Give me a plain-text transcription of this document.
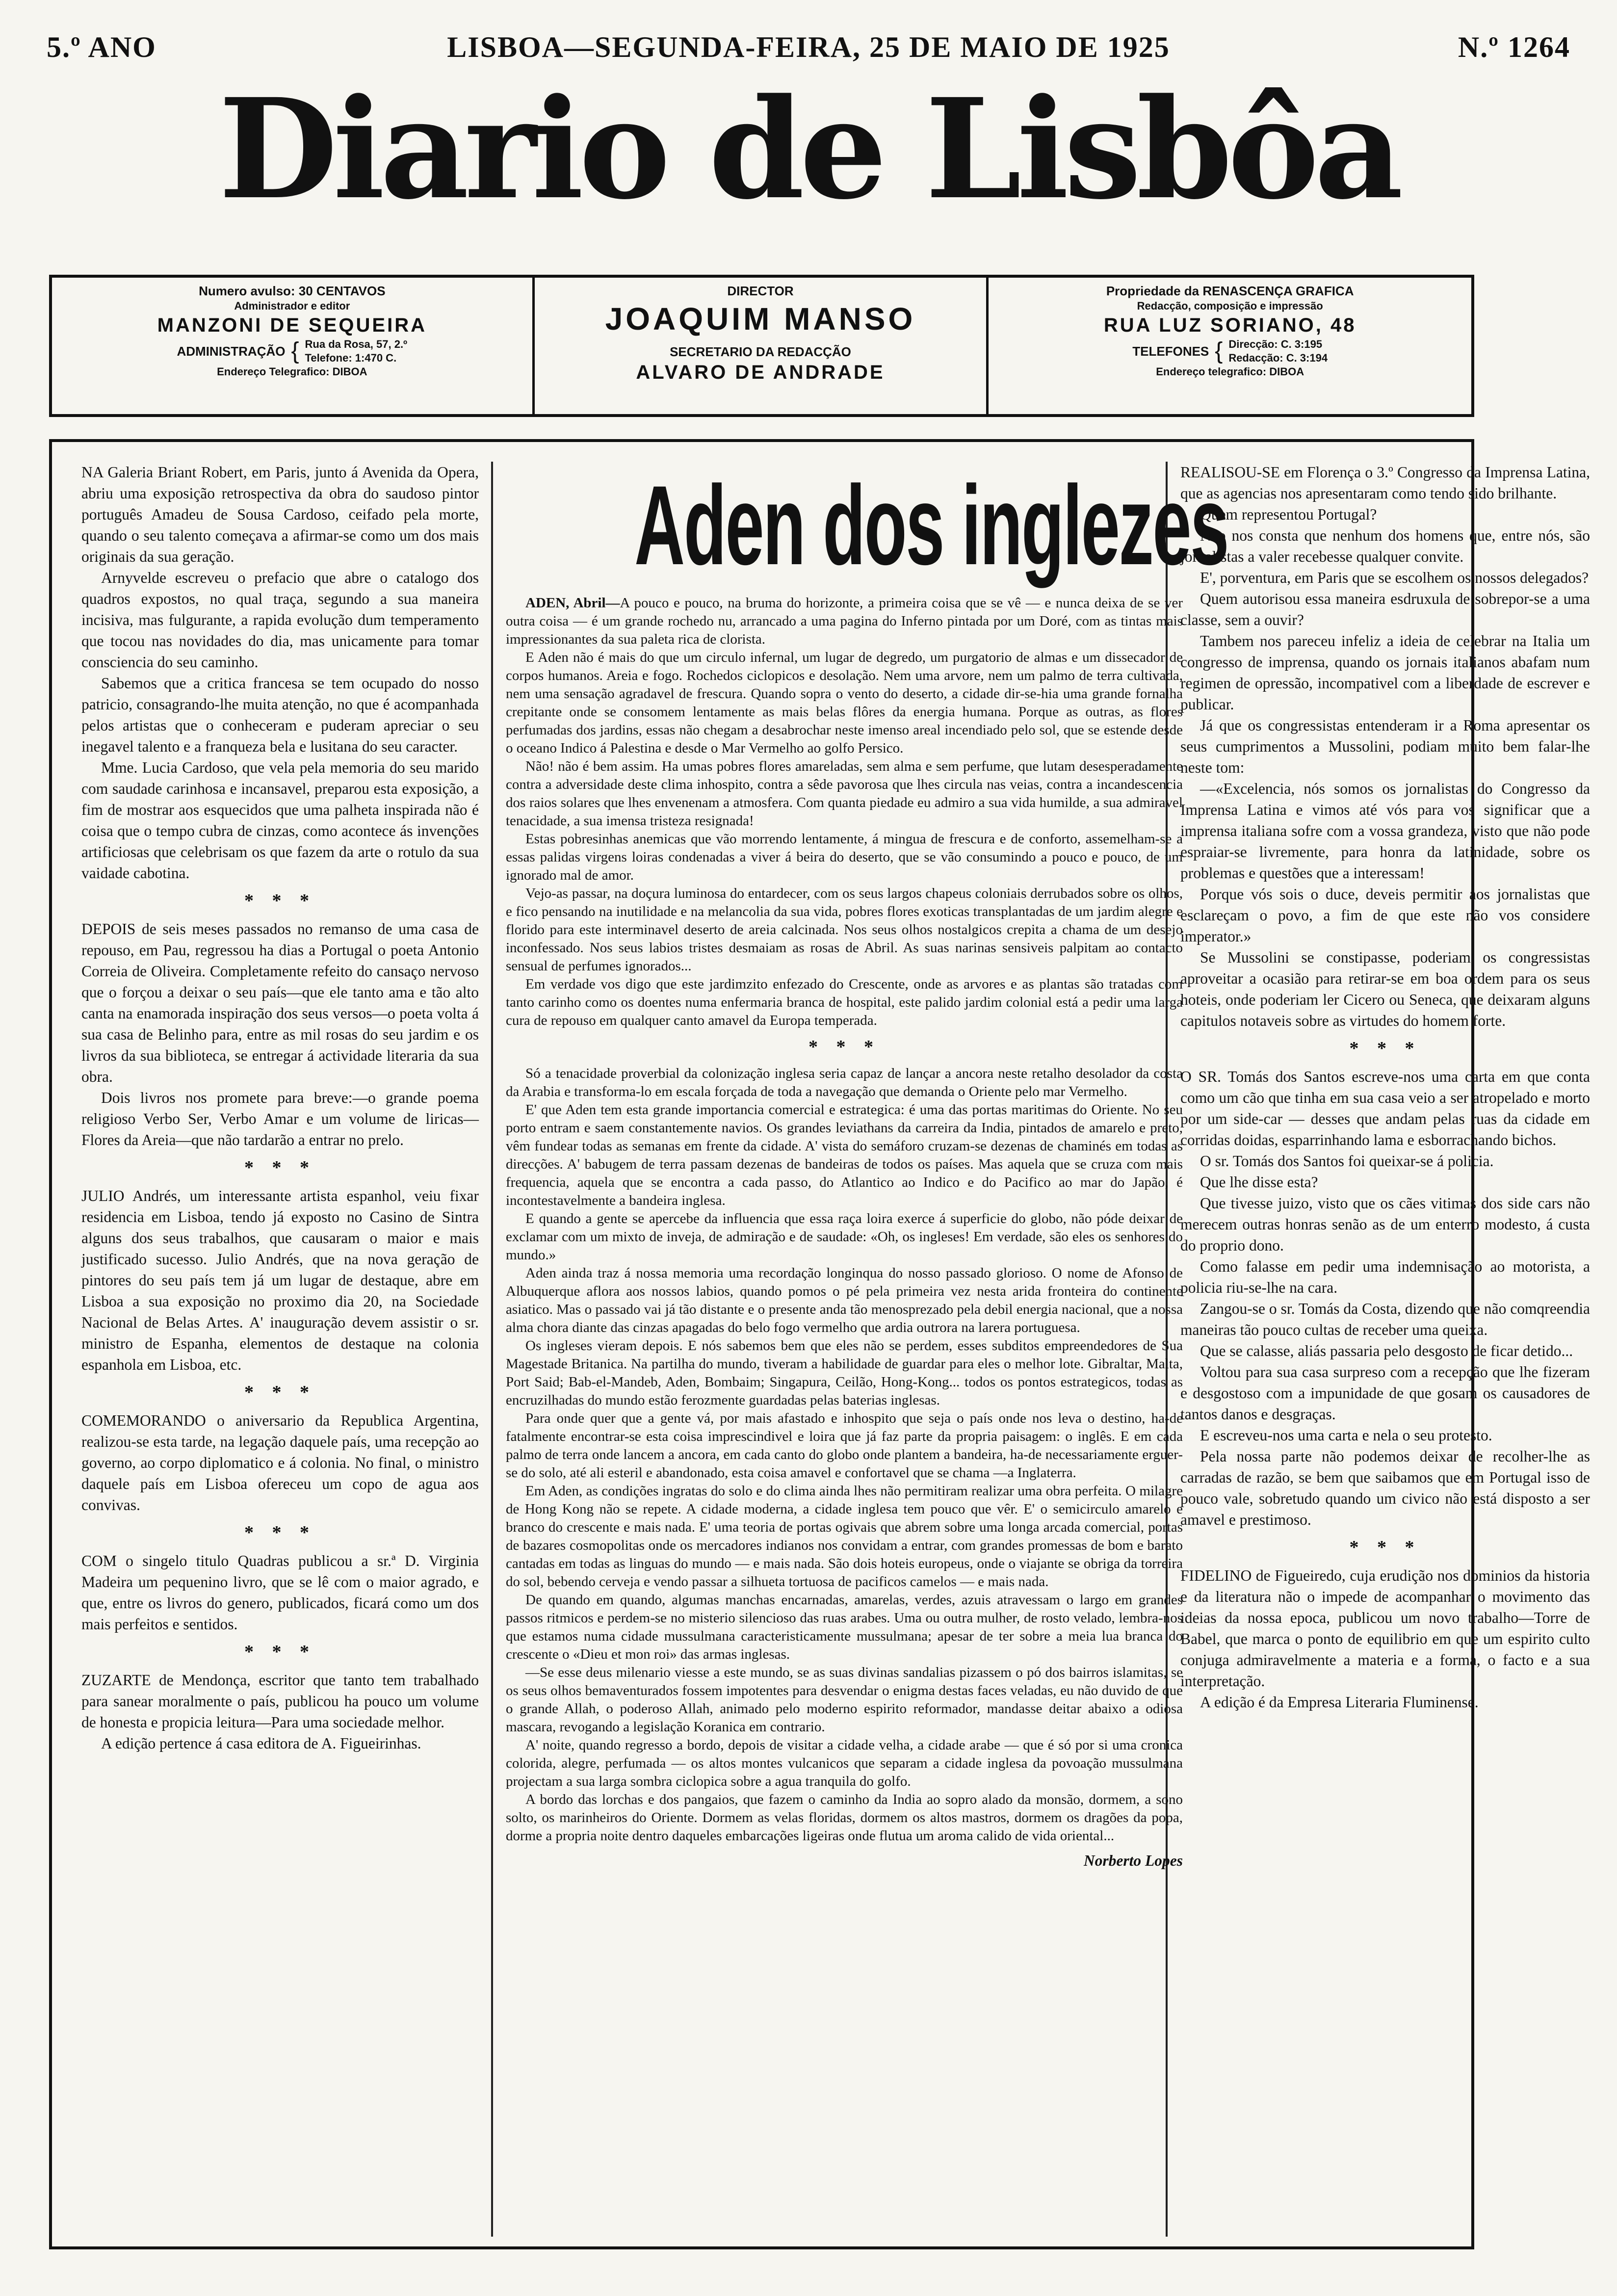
5.º ANO	LISBOA—SEGUNDA-FEIRA, 25 DE MAIO DE 1925	N.º 1264
Diario de Lisbôa
Numero avulso: 30 CENTAVOS
Administrador e editor
MANZONI DE SEQUEIRA
ADMINISTRAÇÃO { Rua da Rosa, 57, 2.º
Telefone: 1:470 C.
Endereço Telegrafico: DIBOA
DIRECTOR
JOAQUIM MANSO
SECRETARIO DA REDACÇÃO
ALVARO DE ANDRADE
Propriedade da RENASCENÇA GRAFICA
Redacção, composição e impressão
RUA LUZ SORIANO, 48
TELEFONES { Direcção: C. 3:195
Redacção: C. 3:194
Endereço telegrafico: DIBOA

NA Galeria Briant Robert, em Paris, junto á Avenida da Opera, abriu uma exposição retrospectiva da obra do saudoso pintor português Amadeu de Sousa Cardoso, ceifado pela morte, quando o seu talento começava a afirmar-se como um dos mais originais da sua geração.

Arnyvelde escreveu o prefacio que abre o catalogo dos quadros expostos, no qual traça, segundo a sua maneira incisiva, mas fulgurante, a rapida evolução dum temperamento que tocou nas novidades do dia, mas unicamente para tomar consciencia do seu caminho.

Sabemos que a critica francesa se tem ocupado do nosso patricio, consagrando-lhe muita atenção, no que é acompanhada pelos artistas que o conheceram e puderam apreciar o seu inegavel talento e a franqueza bela e lusitana do seu caracter.

Mme. Lucia Cardoso, que vela pela memoria do seu marido com saudade carinhosa e incansavel, preparou esta exposição, a fim de mostrar aos esquecidos que uma palheta inspirada não é coisa que o tempo cubra de cinzas, como acontece ás invenções artificiosas que celebrisam os que fazem da arte o rotulo da sua vaidade cabotina.

* * *

DEPOIS de seis meses passados no remanso de uma casa de repouso, em Pau, regressou ha dias a Portugal o poeta Antonio Correia de Oliveira. Completamente refeito do cansaço nervoso que o forçou a deixar o seu país—que ele tanto ama e tão alto canta na enamorada inspiração dos seus versos—o poeta volta á sua casa de Belinho para, entre as mil rosas do seu jardim e os livros da sua biblioteca, se entregar á actividade literaria da sua obra.

Dois livros nos promete para breve:—o grande poema religioso Verbo Ser, Verbo Amar e um volume de liricas—Flores da Areia—que não tardarão a entrar no prelo.

* * *

JULIO Andrés, um interessante artista espanhol, veiu fixar residencia em Lisboa, tendo já exposto no Casino de Sintra alguns dos seus trabalhos, que causaram o maior e mais justificado sucesso. Julio Andrés, que na nova geração de pintores do seu país tem já um lugar de destaque, abre em Lisboa a sua exposição no proximo dia 20, na Sociedade Nacional de Belas Artes. A' inauguração devem assistir o sr. ministro de Espanha, elementos de destaque na colonia espanhola em Lisboa, etc.

* * *

COMEMORANDO o aniversario da Republica Argentina, realizou-se esta tarde, na legação daquele país, uma recepção ao governo, ao corpo diplomatico e á colonia. No final, o ministro daquele país em Lisboa ofereceu um copo de agua aos convivas.

* * *

COM o singelo titulo Quadras publicou a sr.ª D. Virginia Madeira um pequenino livro, que se lê com o maior agrado, e que, entre os livros do genero, publicados, ficará como um dos mais perfeitos e sentidos.

* * *

ZUZARTE de Mendonça, escritor que tanto tem trabalhado para sanear moralmente o país, publicou ha pouco um volume de honesta e propicia leitura—Para uma sociedade melhor.

A edição pertence á casa editora de A. Figueirinhas.

Aden dos inglezes

ADEN, Abril—A pouco e pouco, na bruma do horizonte, a primeira coisa que se vê — e nunca deixa de se ver outra coisa — é um grande rochedo nu, arrancado a uma pagina do Inferno pintada por um Doré, com as tintas mais impressionantes da sua paleta rica de clorista.

E Aden não é mais do que um circulo infernal, um lugar de degredo, um purgatorio de almas e um dissecador de corpos humanos. Areia e fogo. Rochedos ciclopicos e desolação. Nem uma arvore, nem um palmo de terra cultivada, nem uma sensação agradavel de frescura. Quando sopra o vento do deserto, a cidade dir-se-hia uma grande fornalha crepitante onde se consomem lentamente as mais belas flôres da energia humana. Porque as outras, as flores perfumadas dos jardins, essas não chegam a desabrochar neste imenso areal incendiado pelo sol, que se estende desde o oceano Indico á Palestina e desde o Mar Vermelho ao golfo Persico.

Não! não é bem assim. Ha umas pobres flores amareladas, sem alma e sem perfume, que lutam desesperadamente contra a adversidade deste clima inhospito, contra a sêde pavorosa que lhes circula nas veias, contra a incandescencia dos raios solares que lhes envenenam a atmosfera. Com quanta piedade eu admiro a sua vida humilde, a sua admiravel tenacidade, a sua imensa tristeza resignada!

Estas pobresinhas anemicas que vão morrendo lentamente, á mingua de frescura e de conforto, assemelham-se a essas palidas virgens loiras condenadas a viver á beira do deserto, que se vão consumindo a pouco e pouco, de um ignorado mal de amor.

Vejo-as passar, na doçura luminosa do entardecer, com os seus largos chapeus coloniais derrubados sobre os olhos, e fico pensando na inutilidade e na melancolia da sua vida, pobres flores exoticas transplantadas de um jardim alegre e florido para este interminavel deserto de areia calcinada. Nos seus olhos nostalgicos crepita a chama de um desejo inconfessado. Nos seus labios tristes desmaiam as rosas de Abril. As suas narinas sensiveis palpitam ao contacto sensual de perfumes ignorados...

Em verdade vos digo que este jardimzito enfezado do Crescente, onde as arvores e as plantas são tratadas com tanto carinho como os doentes numa enfermaria branca de hospital, este palido jardim colonial está a pedir uma larga cura de repouso em qualquer canto amavel da Europa temperada.

* * *

Só a tenacidade proverbial da colonização inglesa seria capaz de lançar a ancora neste retalho desolador da costa da Arabia e transforma-lo em escala forçada de toda a navegação que demanda o Oriente pelo mar Vermelho.

E' que Aden tem esta grande importancia comercial e estrategica: é uma das portas maritimas do Oriente. No seu porto entram e saem constantemente navios. Os grandes leviathans da carreira da India, pintados de amarelo e preto, vêm fundear todas as semanas em frente da cidade. A' vista do semáforo cruzam-se dezenas de chaminés em todas as direcções. A' babugem de terra passam dezenas de bandeiras de todos os países. Mas aquela que se cruza com mais frequencia, aquela que se encontra a cada passo, do Atlantico ao Indico e do Pacifico ao mar do Japão, é incontestavelmente a bandeira inglesa.

E quando a gente se apercebe da influencia que essa raça loira exerce á superficie do globo, não póde deixar de exclamar com um mixto de inveja, de admiração e de saudade: «Oh, os ingleses! Em verdade, são eles os senhores do mundo.»

Aden ainda traz á nossa memoria uma recordação longinqua do nosso passado glorioso. O nome de Afonso de Albuquerque aflora aos nossos labios, quando pomos o pé pela primeira vez nesta arida fronteira do continente asiatico. Mas o passado vai já tão distante e o presente anda tão menosprezado pela debil energia nacional, que a nossa alma chora diante das cinzas apagadas do belo fogo vermelho que ardia outrora na larera portuguesa.

Os ingleses vieram depois. E nós sabemos bem que eles não se perdem, esses subditos empreendedores de Sua Magestade Britanica. Na partilha do mundo, tiveram a habilidade de guardar para eles o melhor lote. Gibraltar, Malta, Port Said; Bab-el-Mandeb, Aden, Bombaim; Singapura, Ceilão, Hong-Kong... todos os pontos estrategicos, todas as encruzilhadas do mundo estão ferozmente guardadas pelas baterias inglesas.

Para onde quer que a gente vá, por mais afastado e inhospito que seja o país onde nos leva o destino, ha-de fatalmente encontrar-se esta coisa imprescindivel e loira que já faz parte da propria paisagem: o inglês. E em cada palmo de terra onde lancem a ancora, em cada canto do globo onde plantem a bandeira, ha-de necessariamente erguer-se do solo, até ali esteril e abandonado, esta coisa amavel e confortavel que se chama —a Inglaterra.

Em Aden, as condições ingratas do solo e do clima ainda lhes não permitiram realizar uma obra perfeita. O milagre de Hong Kong não se repete. A cidade moderna, a cidade inglesa tem pouco que vêr. E' o semicirculo amarelo e branco do crescente e mais nada. E' uma teoria de portas ogivais que abrem sobre uma longa arcada comercial, portas de bazares cosmopolitas onde os mercadores indianos nos convidam a entrar, com grandes promessas de bom e barato cantadas em todas as linguas do mundo — e mais nada. São dois hoteis europeus, onde o viajante se obriga da torreira do sol, bebendo cerveja e vendo passar a silhueta tortuosa de pacificos camelos — e mais nada.

De quando em quando, algumas manchas encarnadas, amarelas, verdes, azuis atravessam o largo em grandes passos ritmicos e perdem-se no misterio silencioso das ruas arabes. Uma ou outra mulher, de rosto velado, lembra-nos que estamos numa cidade mussulmana caracteristicamente mussulmana; apesar de ter sobre a meia lua branca do crescente o «Dieu et mon roi» das armas inglesas.

—Se esse deus milenario viesse a este mundo, se as suas divinas sandalias pizassem o pó dos bairros islamitas, se os seus olhos bemaventurados fossem impotentes para desvendar o enigma destas faces veladas, eu não duvido de que o grande Allah, o poderoso Allah, animado pelo moderno espirito reformador, mandasse deitar abaixo a odiosa mascara, revogando a legislação Koranica em contrario.

A' noite, quando regresso a bordo, depois de visitar a cidade velha, a cidade arabe — que é só por si uma cronica colorida, alegre, perfumada — os altos montes vulcanicos que separam a cidade inglesa da povoação mussulmana projectam a sua larga sombra ciclopica sobre a agua tranquila do golfo.

A bordo das lorchas e dos pangaios, que fazem o caminho da India ao sopro alado da monsão, dormem, a sono solto, os marinheiros do Oriente. Dormem as velas floridas, dormem os altos mastros, dormem os dragões da popa, dorme a propria noite dentro daqueles embarcações ligeiras onde flutua um aroma calido de vida oriental...

Norberto Lopes

REALISOU-SE em Florença o 3.º Congresso da Imprensa Latina, que as agencias nos apresentaram como tendo sido brilhante.

Quem representou Portugal?

Não nos consta que nenhum dos homens que, entre nós, são jornalistas a valer recebesse qualquer convite.

E', porventura, em Paris que se escolhem os nossos delegados?

Quem autorisou essa maneira esdruxula de sobrepor-se a uma classe, sem a ouvir?

Tambem nos pareceu infeliz a ideia de celebrar na Italia um congresso de imprensa, quando os jornais italianos abafam num regimen de opressão, incompativel com a liberdade de escrever e publicar.

Já que os congressistas entenderam ir a Roma apresentar os seus cumprimentos a Mussolini, podiam muito bem falar-lhe neste tom:

—«Excelencia, nós somos os jornalistas do Congresso da Imprensa Latina e vimos até vós para vos significar que a imprensa italiana sofre com a vossa grandeza, visto que não pode espraiar-se livremente, para honra da latinidade, sobre os problemas e questões que a interessam!

Porque vós sois o duce, deveis permitir aos jornalistas que esclareçam o povo, a fim de que este não vos considere imperator.»

Se Mussolini se constipasse, poderiam os congressistas aproveitar a ocasião para retirar-se em boa ordem para os seus hoteis, onde poderiam ler Cicero ou Seneca, que deixaram alguns capitulos notaveis sobre as virtudes do homem forte.

* * *

O SR. Tomás dos Santos escreve-nos uma carta em que conta como um cão que tinha em sua casa veio a ser atropelado e morto por um side-car — desses que andam pelas ruas da cidade em corridas doidas, esparrinhando lama e esborrachando bichos.

O sr. Tomás dos Santos foi queixar-se á policia.

Que lhe disse esta?

Que tivesse juizo, visto que os cães vitimas dos side cars não merecem outras honras senão as de um enterro modesto, á custa do proprio dono.

Como falasse em pedir uma indemnisação ao motorista, a policia riu-se-lhe na cara.

Zangou-se o sr. Tomás da Costa, dizendo que não comqreendia maneiras tão pouco cultas de receber uma queixa.

Que se calasse, aliás passaria pelo desgosto de ficar detido...

Voltou para sua casa surpreso com a recepção que lhe fizeram e desgostoso com a impunidade de que gosam os causadores de tantos danos e desgraças.

E escreveu-nos uma carta e nela o seu protesto.

Pela nossa parte não podemos deixar de recolher-lhe as carradas de razão, se bem que saibamos que em Portugal isso de pouco vale, sobretudo quando um civico não está disposto a ser amavel e prestimoso.

* * *

FIDELINO de Figueiredo, cuja erudição nos dominios da historia e da literatura não o impede de acompanhar o movimento das ideias da nossa epoca, publicou um novo trabalho—Torre de Babel, que marca o ponto de equilibrio em que um espirito culto conjuga admiravelmente a materia e a forma, o facto e a sua interpretação.

A edição é da Empresa Literaria Fluminense.
